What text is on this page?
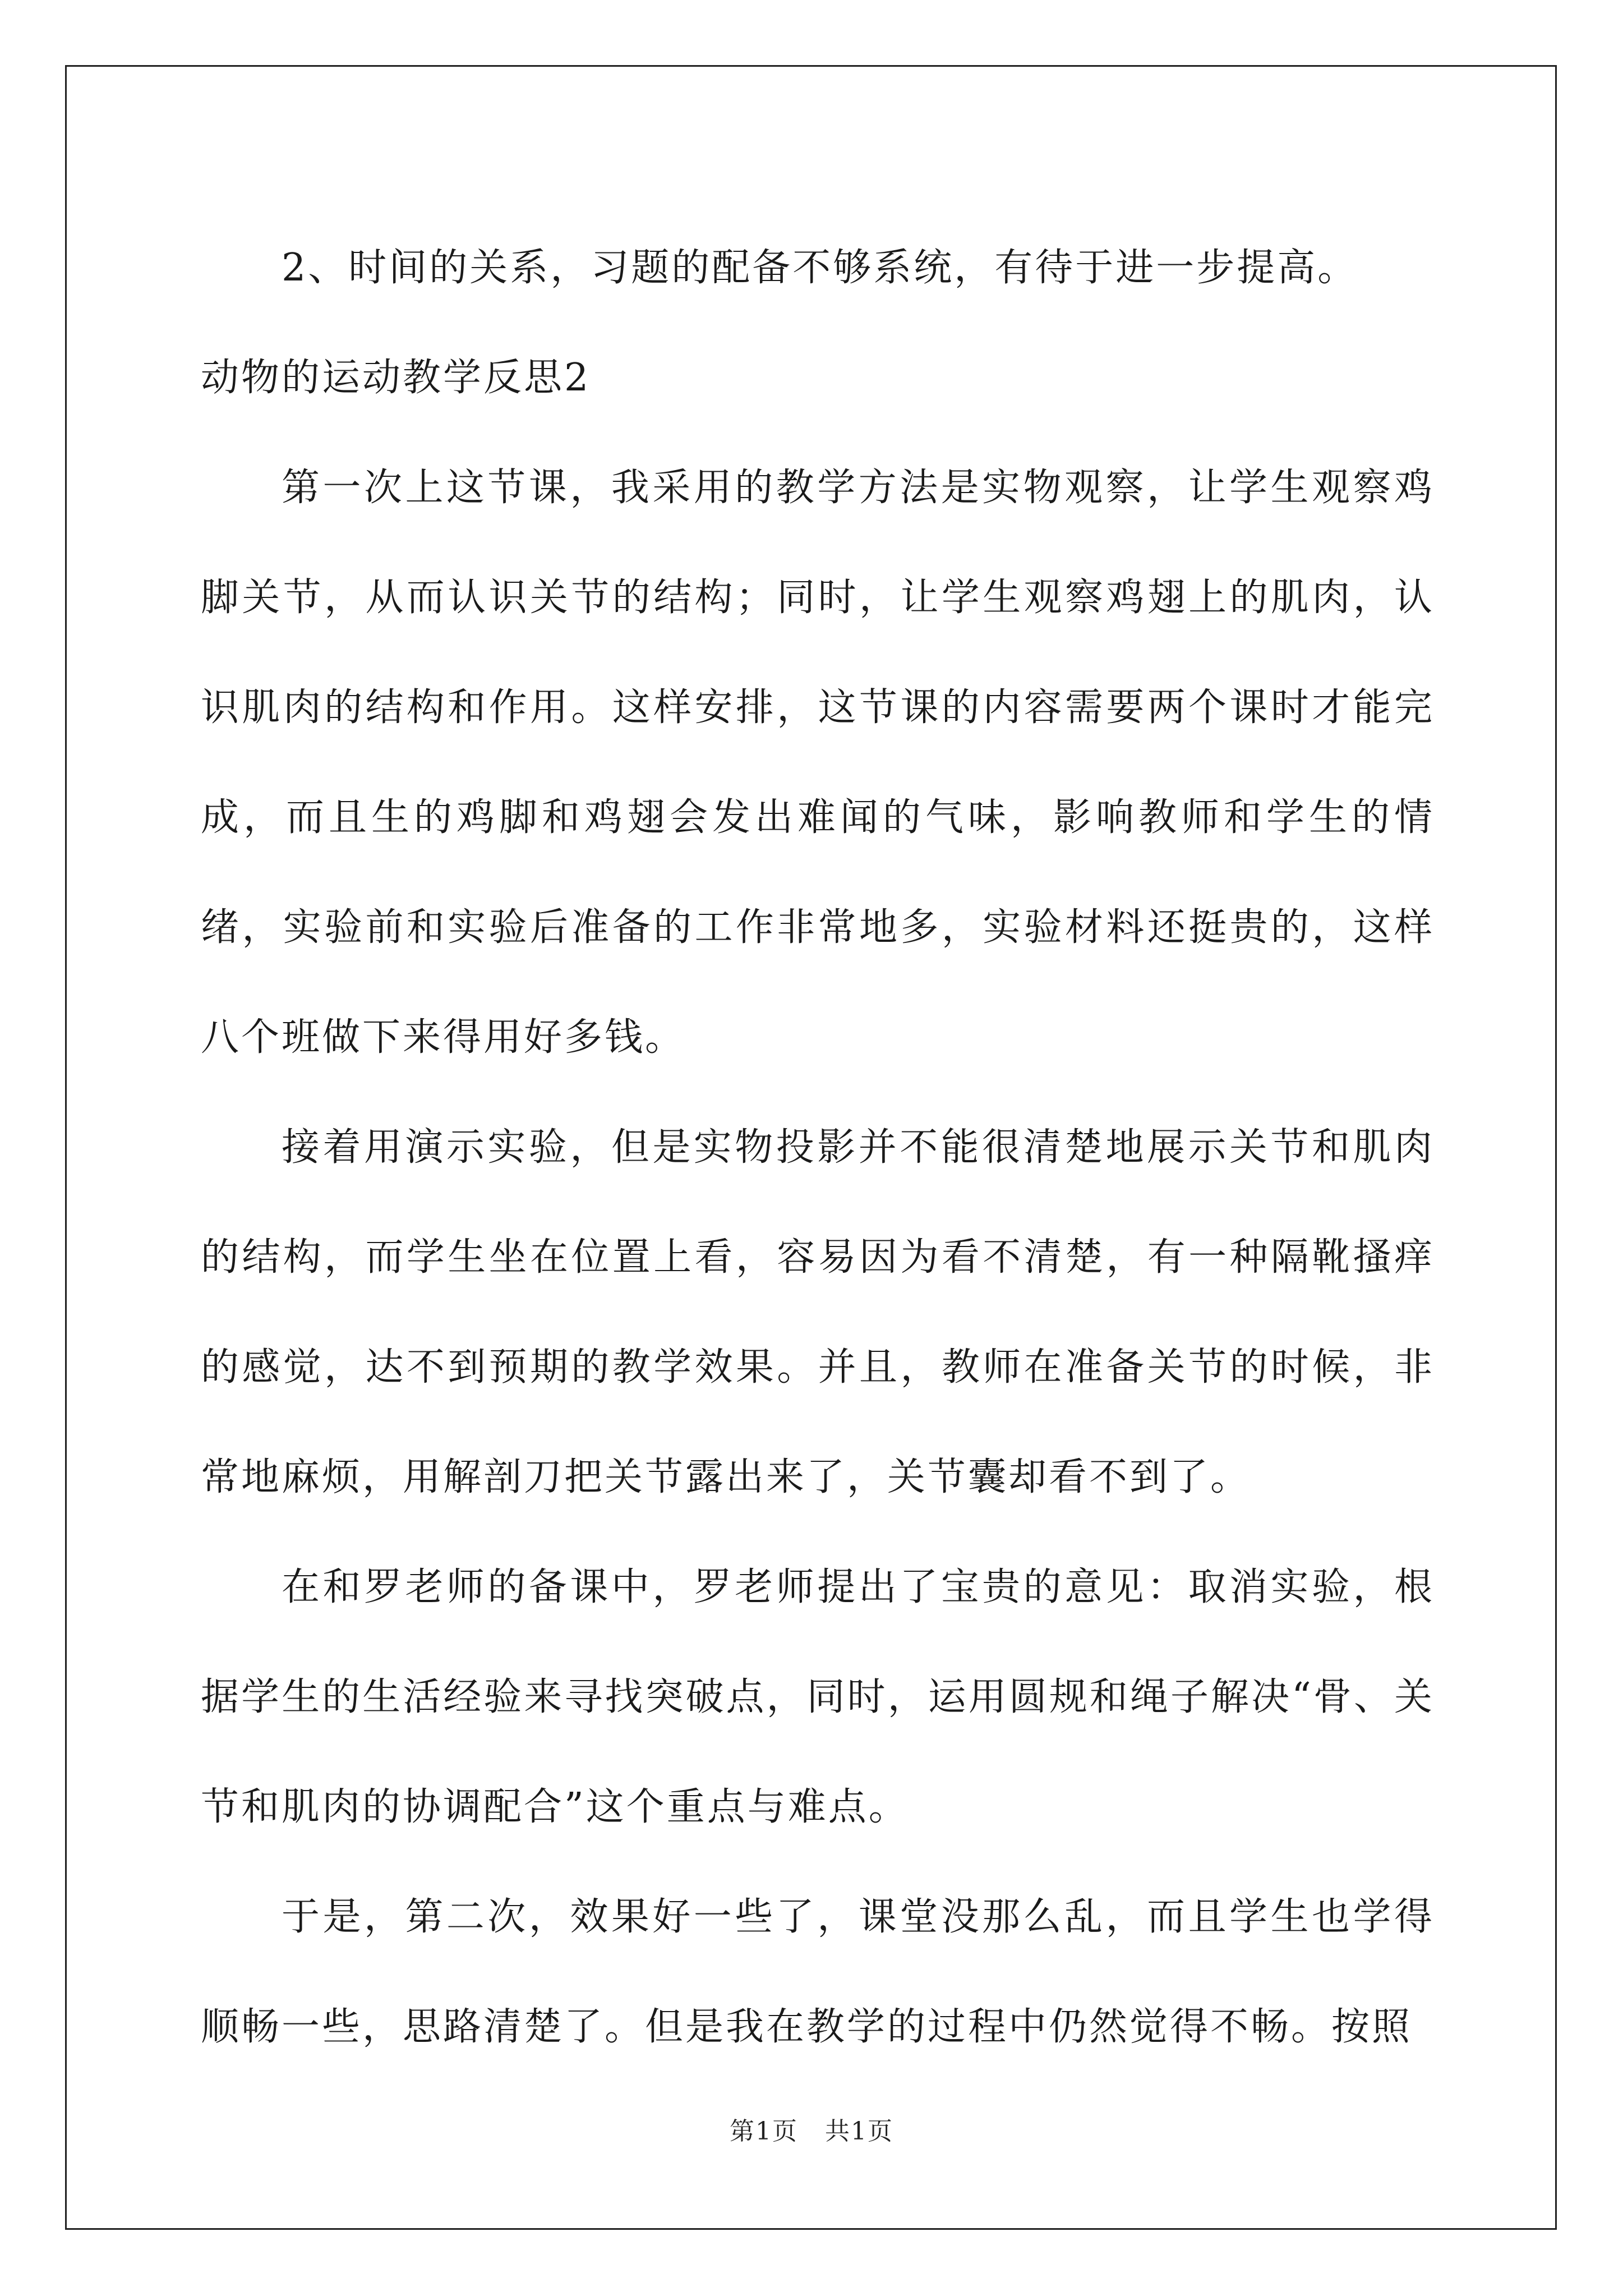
2、时间的关系，习题的配备不够系统，有待于进一步提高。

动物的运动教学反思2

第一次上这节课，我采用的教学方法是实物观察，让学生观察鸡脚关节，从而认识关节的结构；同时，让学生观察鸡翅上的肌肉，认识肌肉的结构和作用。这样安排，这节课的内容需要两个课时才能完成，而且生的鸡脚和鸡翅会发出难闻的气味，影响教师和学生的情绪，实验前和实验后准备的工作非常地多，实验材料还挺贵的，这样八个班做下来得用好多钱。

接着用演示实验，但是实物投影并不能很清楚地展示关节和肌肉的结构，而学生坐在位置上看，容易因为看不清楚，有一种隔靴搔痒的感觉，达不到预期的教学效果。并且，教师在准备关节的时候，非常地麻烦，用解剖刀把关节露出来了，关节囊却看不到了。

在和罗老师的备课中，罗老师提出了宝贵的意见：取消实验，根据学生的生活经验来寻找突破点，同时，运用圆规和绳子解决“骨、关节和肌肉的协调配合”这个重点与难点。

于是，第二次，效果好一些了，课堂没那么乱，而且学生也学得顺畅一些，思路清楚了。但是我在教学的过程中仍然觉得不畅。按照

第1页 共1页
